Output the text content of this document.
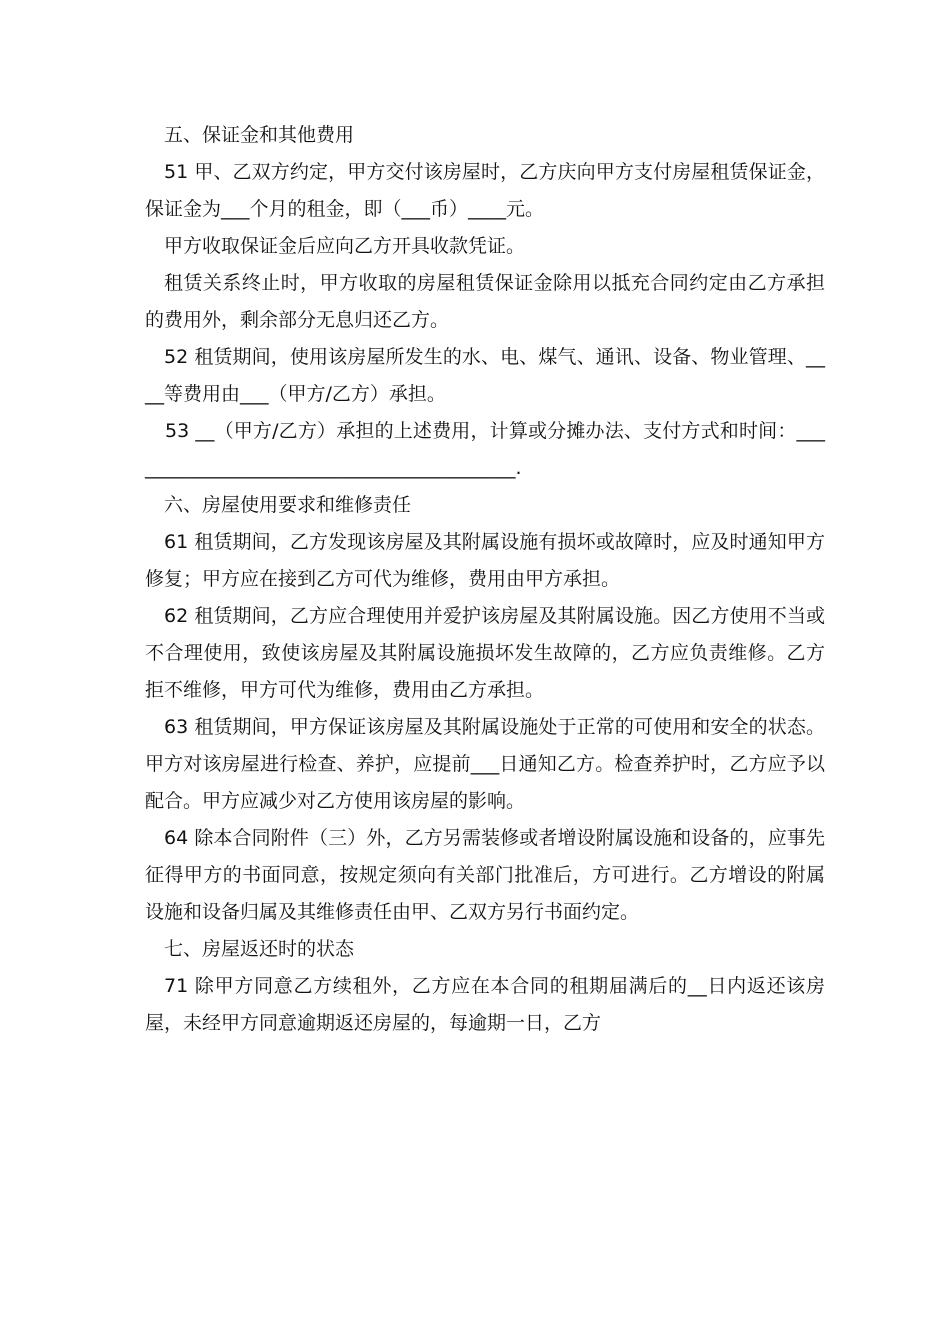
五、保证金和其他费用

51 甲、乙双方约定，甲方交付该房屋时，乙方庆向甲方支付房屋租赁保证金，保证金为___个月的租金，即（___币）____元。

甲方收取保证金后应向乙方开具收款凭证。

租赁关系终止时，甲方收取的房屋租赁保证金除用以抵充合同约定由乙方承担的费用外，剩余部分无息归还乙方。

52 租赁期间，使用该房屋所发生的水、电、煤气、通讯、设备、物业管理、____等费用由___（甲方/乙方）承担。

53 __（甲方/乙方）承担的上述费用，计算或分摊办法、支付方式和时间：__________________________________________.

六、房屋使用要求和维修责任

61 租赁期间，乙方发现该房屋及其附属设施有损坏或故障时，应及时通知甲方修复；甲方应在接到乙方可代为维修，费用由甲方承担。

62 租赁期间，乙方应合理使用并爱护该房屋及其附属设施。因乙方使用不当或不合理使用，致使该房屋及其附属设施损坏发生故障的，乙方应负责维修。乙方拒不维修，甲方可代为维修，费用由乙方承担。

63 租赁期间，甲方保证该房屋及其附属设施处于正常的可使用和安全的状态。甲方对该房屋进行检查、养护，应提前___日通知乙方。检查养护时，乙方应予以配合。甲方应减少对乙方使用该房屋的影响。

64 除本合同附件（三）外，乙方另需装修或者增设附属设施和设备的，应事先征得甲方的书面同意，按规定须向有关部门批准后，方可进行。乙方增设的附属设施和设备归属及其维修责任由甲、乙双方另行书面约定。

七、房屋返还时的状态

71 除甲方同意乙方续租外，乙方应在本合同的租期届满后的__日内返还该房屋，未经甲方同意逾期返还房屋的，每逾期一日，乙方
